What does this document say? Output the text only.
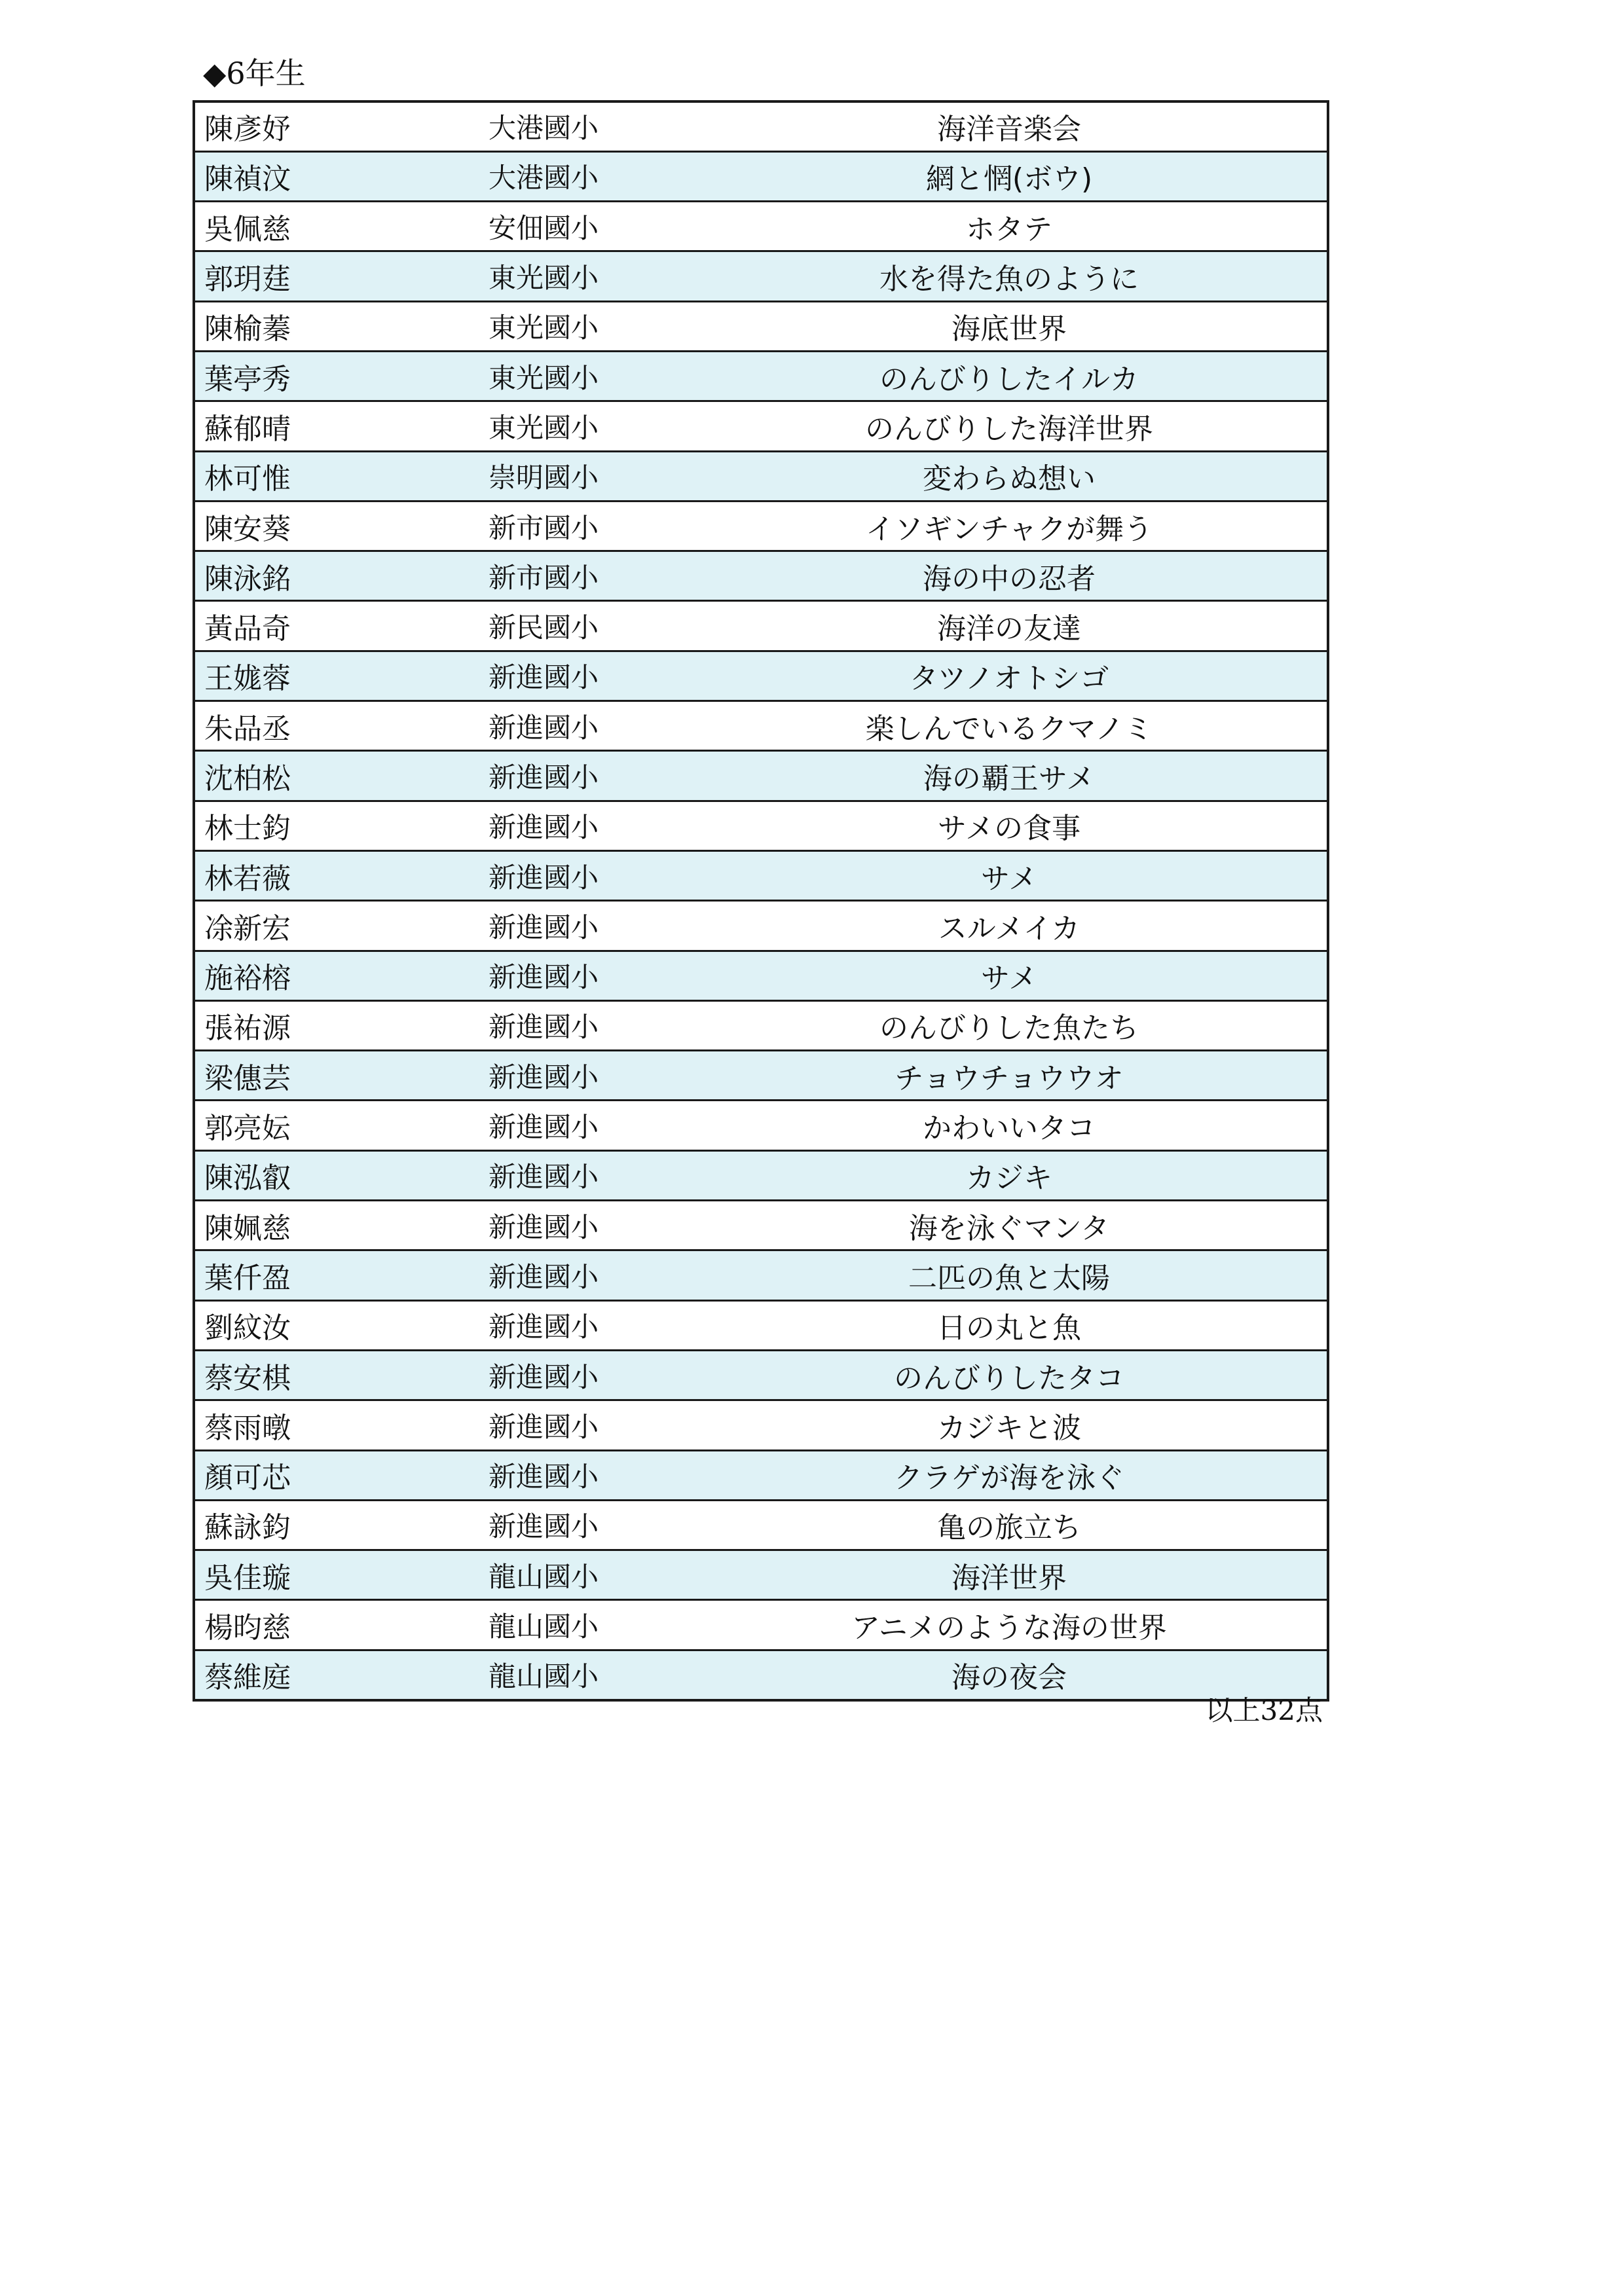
◆6年生
陳彥妤	大港國小	海洋音楽会
陳禎汶	大港國小	網と惘(ボウ)
吳佩慈	安佃國小	ホタテ
郭玥莛	東光國小	水を得た魚のように
陳榆蓁	東光國小	海底世界
葉亭秀	東光國小	のんびりしたイルカ
蘇郁晴	東光國小	のんびりした海洋世界
林可惟	崇明國小	変わらぬ想い
陳安葵	新市國小	イソギンチャクが舞う
陳泳銘	新市國小	海の中の忍者
黃品奇	新民國小	海洋の友達
王娏蓉	新進國小	タツノオトシゴ
朱品丞	新進國小	楽しんでいるクマノミ
沈柏松	新進國小	海の覇王サメ
林士鈞	新進國小	サメの食事
林若薇	新進國小	サメ
凃新宏	新進國小	スルメイカ
施裕榕	新進國小	サメ
張祐源	新進國小	のんびりした魚たち
梁僡芸	新進國小	チョウチョウウオ
郭亮妘	新進國小	かわいいタコ
陳泓叡	新進國小	カジキ
陳姵慈	新進國小	海を泳ぐマンタ
葉仟盈	新進國小	二匹の魚と太陽
劉紋汝	新進國小	日の丸と魚
蔡安棋	新進國小	のんびりしたタコ
蔡雨暾	新進國小	カジキと波
顏可芯	新進國小	クラゲが海を泳ぐ
蘇詠鈞	新進國小	亀の旅立ち
吳佳璇	龍山國小	海洋世界
楊昀慈	龍山國小	アニメのような海の世界
蔡維庭	龍山國小	海の夜会
以上32点
